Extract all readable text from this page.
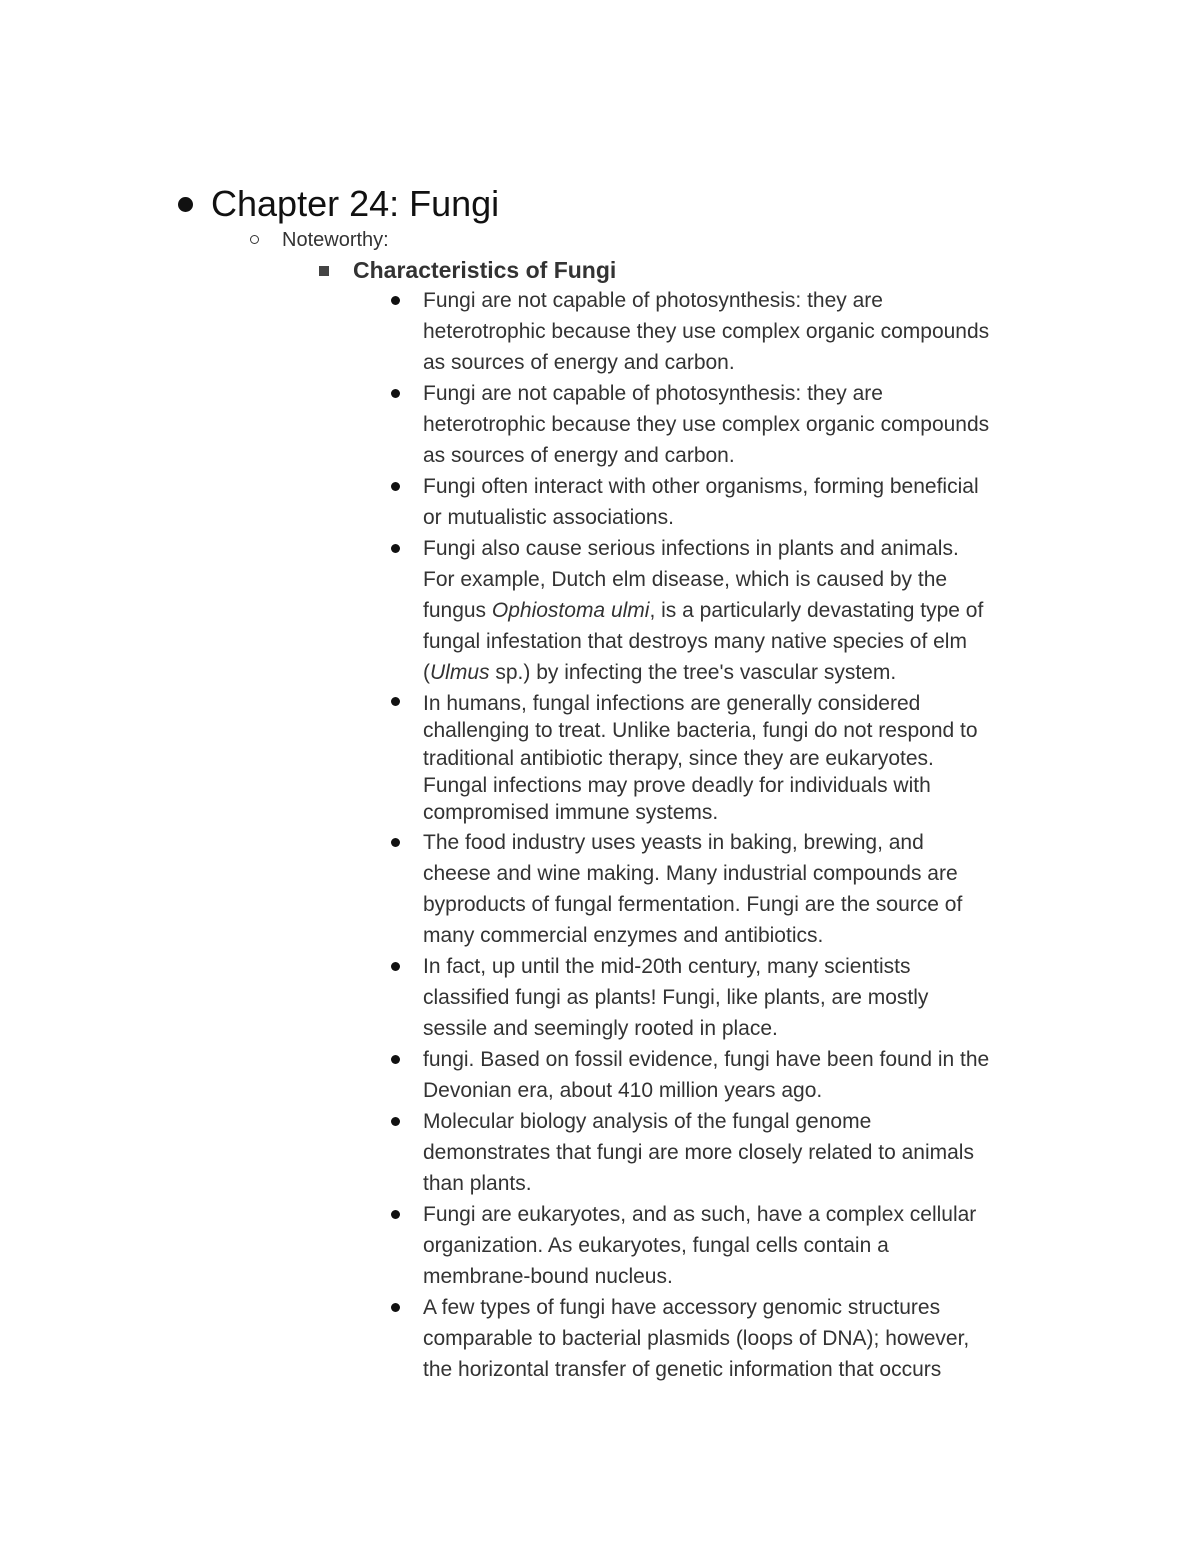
Chapter 24: Fungi
Noteworthy:
Characteristics of Fungi
Fungi are not capable of photosynthesis: they are
heterotrophic because they use complex organic compounds
as sources of energy and carbon.
Fungi are not capable of photosynthesis: they are
heterotrophic because they use complex organic compounds
as sources of energy and carbon.
Fungi often interact with other organisms, forming beneficial
or mutualistic associations.
Fungi also cause serious infections in plants and animals.
For example, Dutch elm disease, which is caused by the
fungus Ophiostoma ulmi, is a particularly devastating type of
fungal infestation that destroys many native species of elm
(Ulmus sp.) by infecting the tree's vascular system.
In humans, fungal infections are generally considered
challenging to treat. Unlike bacteria, fungi do not respond to
traditional antibiotic therapy, since they are eukaryotes.
Fungal infections may prove deadly for individuals with
compromised immune systems.
The food industry uses yeasts in baking, brewing, and
cheese and wine making. Many industrial compounds are
byproducts of fungal fermentation. Fungi are the source of
many commercial enzymes and antibiotics.
In fact, up until the mid-20th century, many scientists
classified fungi as plants! Fungi, like plants, are mostly
sessile and seemingly rooted in place.
fungi. Based on fossil evidence, fungi have been found in the
Devonian era, about 410 million years ago.
Molecular biology analysis of the fungal genome
demonstrates that fungi are more closely related to animals
than plants.
Fungi are eukaryotes, and as such, have a complex cellular
organization. As eukaryotes, fungal cells contain a
membrane-bound nucleus.
A few types of fungi have accessory genomic structures
comparable to bacterial plasmids (loops of DNA); however,
the horizontal transfer of genetic information that occurs
